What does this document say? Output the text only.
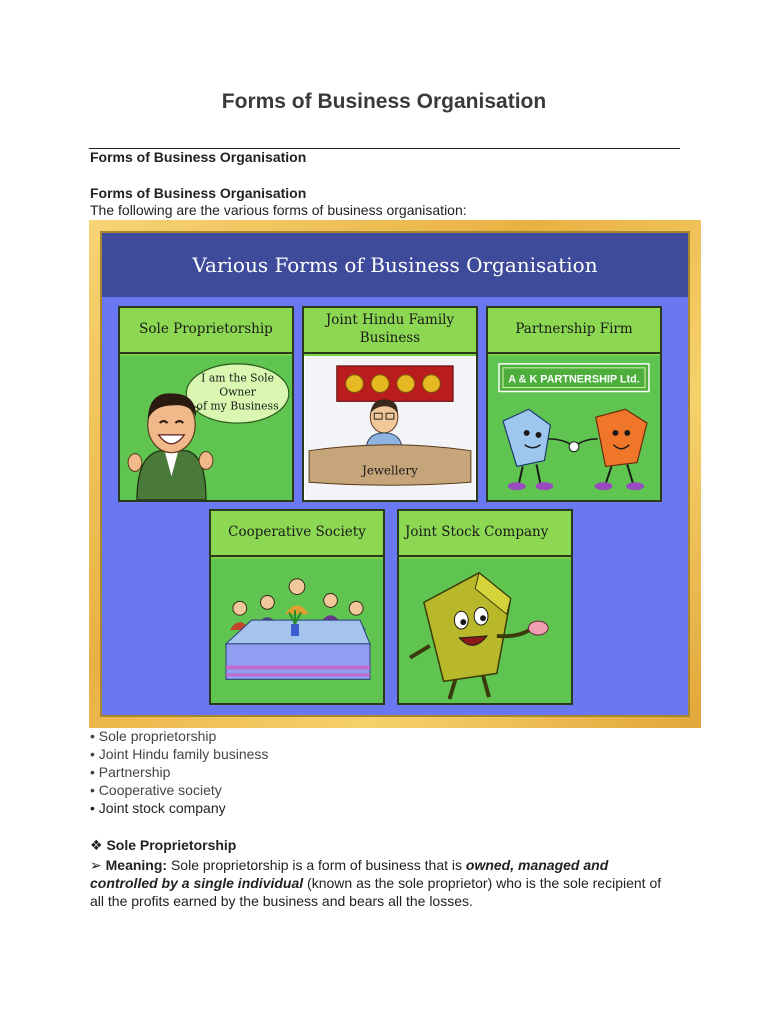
Forms of Business Organisation
Forms of Business Organisation
Forms of Business Organisation
The following are the various forms of business organisation:
Various Forms of Business Organisation
Sole Proprietorship
I am the Sole
Owner
of my Business
Joint Hindu Family
Business
Jewellery
Partnership Firm
A & K PARTNERSHIP Ltd.
Cooperative Society	Joint Stock Company
• Sole proprietorship
• Joint Hindu family business
• Partnership
• Cooperative society
• Joint stock company
❖ Sole Proprietorship
➢ Meaning: Sole proprietorship is a form of business that is owned, managed and controlled by a single individual (known as the sole proprietor) who is the sole recipient of all the profits earned by the business and bears all the losses.
